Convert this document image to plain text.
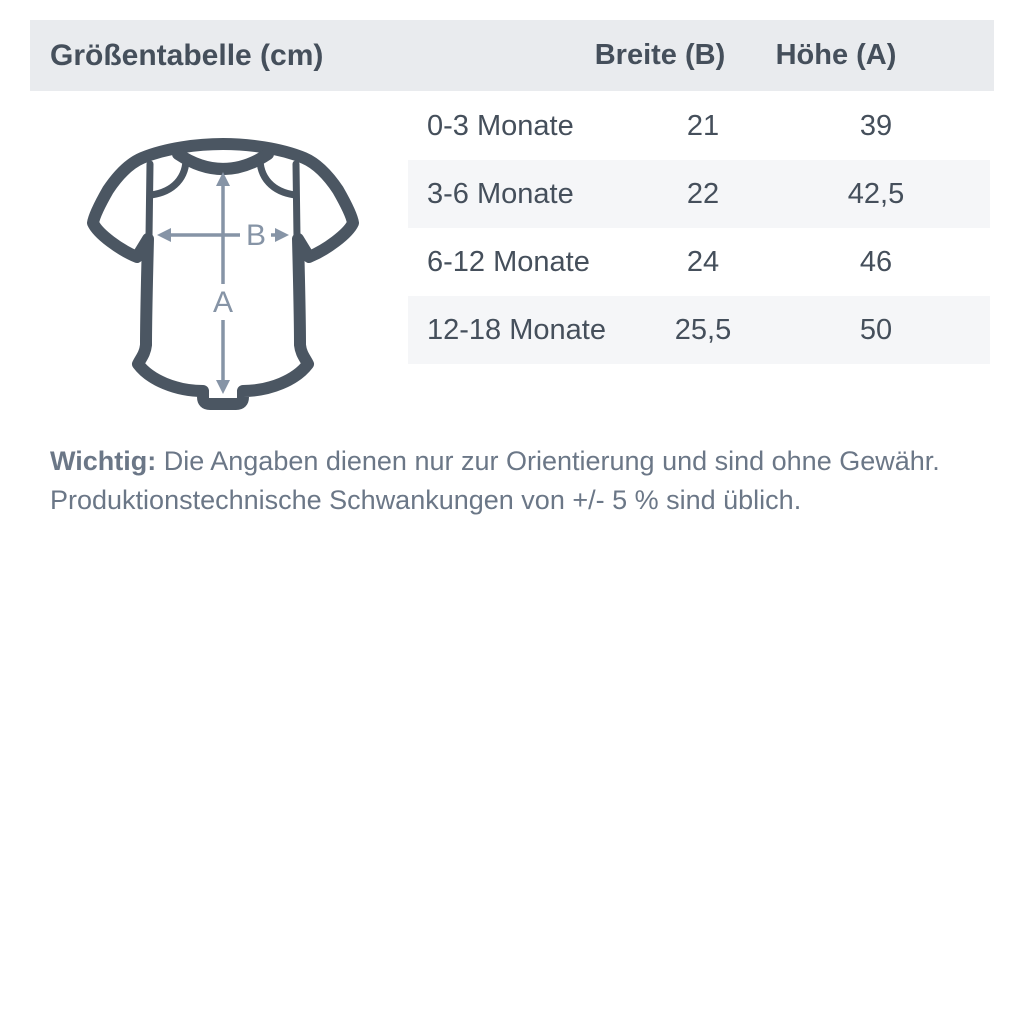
Größentabelle (cm)	Breite (B)	Höhe (A)
A
B
0-3 Monate	21	39
3-6 Monate	22	42,5
6-12 Monate	24	46
12-18 Monate	25,5	50

Wichtig: Die Angaben dienen nur zur Orientierung und sind ohne Gewähr. Produktionstechnische Schwankungen von +/- 5 % sind üblich.
